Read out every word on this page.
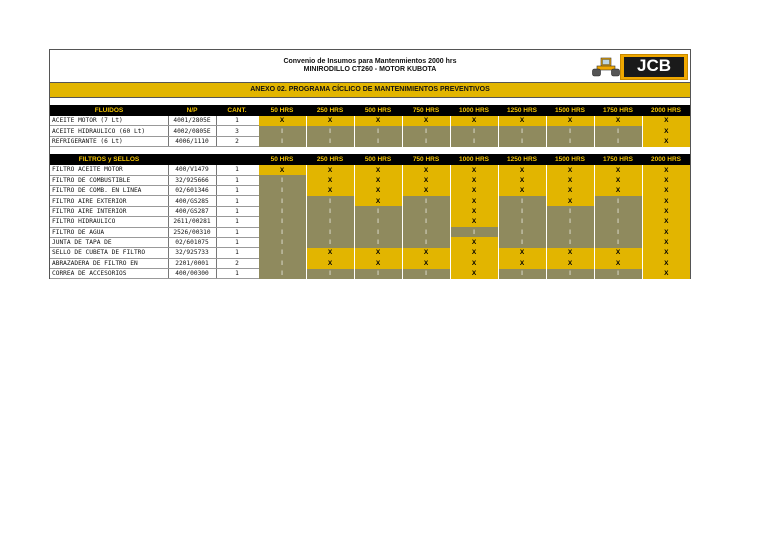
Convenio de Insumos para Mantenmientos 2000 hrs
MINIRODILLO CT260 - MOTOR KUBOTA	JCB
ANEXO 02. PROGRAMA CÍCLICO DE MANTENIMIENTOS PREVENTIVOS
FLUIDOS	N/P	CANT.	50 HRS	250 HRS	500 HRS	750 HRS	1000 HRS	1250 HRS	1500 HRS	1750 HRS	2000 HRS
ACEITE MOTOR (7 Lt)	4001/2805E	1	X	X	X	X	X	X	X	X	X
ACEITE HIDRAULICO (60 Lt)	4002/0805E	3	I	I	I	I	I	I	I	I	X
REFRIGERANTE (6 Lt)	4006/1110	2	I	I	I	I	I	I	I	I	X
FILTROS y SELLOS			50 HRS	250 HRS	500 HRS	750 HRS	1000 HRS	1250 HRS	1500 HRS	1750 HRS	2000 HRS
FILTRO ACEITE MOTOR	400/V1479	1	X	X	X	X	X	X	X	X	X
FILTRO DE COMBUSTIBLE	32/925666	1	I	X	X	X	X	X	X	X	X
FILTRO DE COMB. EN LINEA	02/601346	1	I	X	X	X	X	X	X	X	X
FILTRO AIRE EXTERIOR	400/GS285	1	I	I	X	I	X	I	X	I	X
FILTRO AIRE INTERIOR	400/GS287	1	I	I	I	I	X	I	I	I	X
FILTRO HIDRAULICO	2611/00281	1	I	I	I	I	X	I	I	I	X
FILTRO DE AGUA	2526/00310	1	I	I	I	I	I	I	I	I	X
JUNTA DE TAPA DE	02/601075	1	I	I	I	I	X	I	I	I	X
SELLO DE CUBETA DE FILTRO	32/925733	1	I	X	X	X	X	X	X	X	X
ABRAZADERA DE FILTRO EN	2201/0001	2	I	X	X	X	X	X	X	X	X
CORREA DE ACCESORIOS	400/00300	1	I	I	I	I	X	I	I	I	X
